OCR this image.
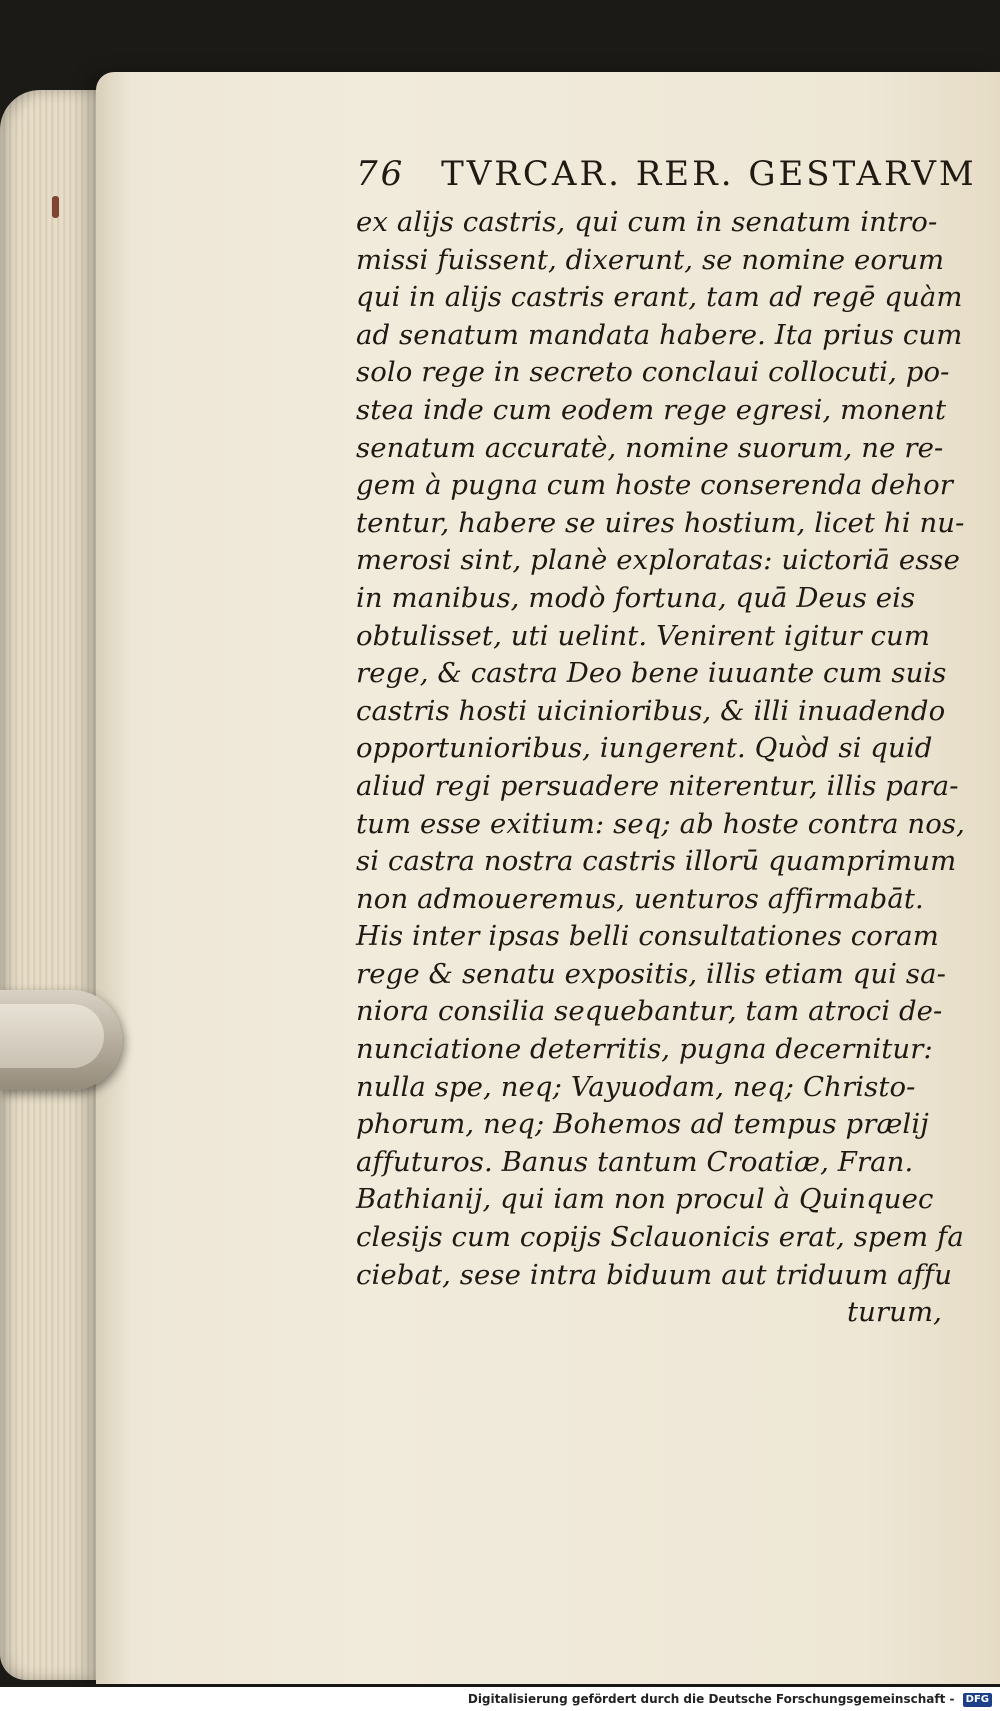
76 TVRCAR. RER. GESTARVM
ex aliјs castris, qui cum in senatum intro-
missi fuissent, dixerunt, se nomine eorum
qui in aliјs castris erant, tam ad regē quàm
ad senatum mandata habere. Ita prius cum
solo rege in secreto conclaui collocuti, po-
stea inde cum eodem rege egresi, monent
senatum accuratè, nomine suorum, ne re-
gem à pugna cum hoste conserenda dehor
tentur, habere se uires hostium, licet hi nu-
merosi sint, planè exploratas: uictoriā esse
in manibus, modò fortuna, quā Deus eis
obtulisset, uti uelint. Venirent igitur cum
rege, & castra Deo bene iuuante cum suis
castris hosti uicinioribus, & illi inuadendo
opportunioribus, iungerent. Quòd si quid
aliud regi persuadere niterentur, illis para-
tum esse exitium: seq; ab hoste contra nos,
si castra nostra castris illorū quamprimum
non admoueremus, uenturos affirmabāt.
His inter ipsas belli consultationes coram
rege & senatu expositis, illis etiam qui sa-
niora consilia sequebantur, tam atroci de-
nunciatione deterritis, pugna decernitur:
nulla spe, neq; Vayuodam, neq; Christo-
phorum, neq; Bohemos ad tempus prælij
affuturos. Banus tantum Croatiæ, Fran.
Bathianij, qui iam non procul à Quinquec
clesijs cum copijs Sclauonicis erat, spem fa
ciebat, sese intra biduum aut triduum affu
turum,
Digitalisierung gefördert durch die Deutsche Forschungsgemeinschaft - DFG
